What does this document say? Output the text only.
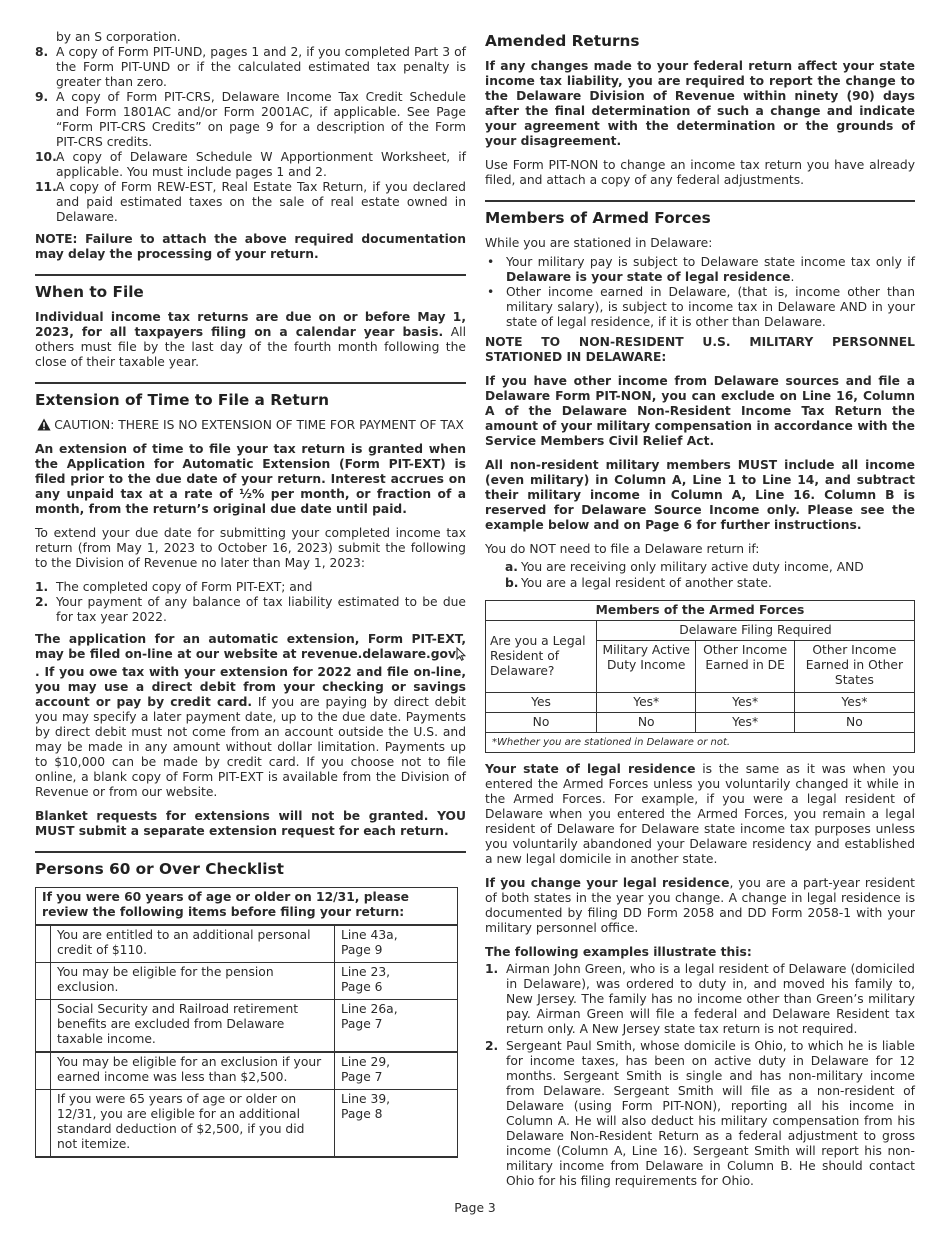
by an S corporation.

8. A copy of Form PIT-UND, pages 1 and 2, if you completed Part 3 of the Form PIT-UND or if the calculated estimated tax penalty is greater than zero.
9. A copy of Form PIT-CRS, Delaware Income Tax Credit Schedule and Form 1801AC and/or Form 2001AC, if applicable. See Page “Form PIT-CRS Credits” on page 9 for a description of the Form PIT-CRS credits.
10. A copy of Delaware Schedule W Apportionment Worksheet, if applicable. You must include pages 1 and 2.
11. A copy of Form REW-EST, Real Estate Tax Return, if you declared and paid estimated taxes on the sale of real estate owned in Delaware.

NOTE: Failure to attach the above required documentation may delay the processing of your return.

When to File

Individual income tax returns are due on or before May 1, 2023, for all taxpayers filing on a calendar year basis. All others must file by the last day of the fourth month following the close of their taxable year.

Extension of Time to File a Return
CAUTION: THERE IS NO EXTENSION OF TIME FOR PAYMENT OF TAX

An extension of time to file your tax return is granted when the Application for Automatic Extension (Form PIT-EXT) is filed prior to the due date of your return. Interest accrues on any unpaid tax at a rate of ½% per month, or fraction of a month, from the return’s original due date until paid.

To extend your due date for submitting your completed income tax return (from May 1, 2023 to October 16, 2023) submit the following to the Division of Revenue no later than May 1, 2023:

1. The completed copy of Form PIT-EXT; and
2. Your payment of any balance of tax liability estimated to be due for tax year 2022.

The application for an automatic extension, Form PIT-EXT, may be filed on-line at our website at revenue.delaware.gov. If you owe tax with your extension for 2022 and file on-line, you may use a direct debit from your checking or savings account or pay by credit card. If you are paying by direct debit you may specify a later payment date, up to the due date. Payments by direct debit must not come from an account outside the U.S. and may be made in any amount without dollar limitation. Payments up to $10,000 can be made by credit card. If you choose not to file online, a blank copy of Form PIT-EXT is available from the Division of Revenue or from our website.

Blanket requests for extensions will not be granted. YOU MUST submit a separate extension request for each return.

Persons 60 or Over Checklist
If you were 60 years of age or older on 12/31, please review the following items before filing your return:		
	You are entitled to an additional personal credit of $110.	Line 43a,
Page 9
	You may be eligible for the pension exclusion.	Line 23,
Page 6
	Social Security and Railroad retirement benefits are excluded from Delaware taxable income.	Line 26a,
Page 7
	You may be eligible for an exclusion if your earned income was less than $2,500.	Line 29,
Page 7
	If you were 65 years of age or older on 12/31, you are eligible for an additional standard deduction of $2,500, if you did not itemize.	Line 39,
Page 8
Amended Returns

If any changes made to your federal return affect your state income tax liability, you are required to report the change to the Delaware Division of Revenue within ninety (90) days after the final determination of such a change and indicate your agreement with the determination or the grounds of your disagreement.

Use Form PIT-NON to change an income tax return you have already filed, and attach a copy of any federal adjustments.

Members of Armed Forces

While you are stationed in Delaware:

• Your military pay is subject to Delaware state income tax only if Delaware is your state of legal residence.
• Other income earned in Delaware, (that is, income other than military salary), is subject to income tax in Delaware AND in your state of legal residence, if it is other than Delaware.

NOTE TO NON-RESIDENT U.S. MILITARY PERSONNEL STATIONED IN DELAWARE:

If you have other income from Delaware sources and file a Delaware Form PIT-NON, you can exclude on Line 16, Column A of the Delaware Non-Resident Income Tax Return the amount of your military compensation in accordance with the Service Members Civil Relief Act.

All non-resident military members MUST include all income (even military) in Column A, Line 1 to Line 14, and subtract their military income in Column A, Line 16. Column B is reserved for Delaware Source Income only. Please see the example below and on Page 6 for further instructions.

You do NOT need to file a Delaware return if:

a. You are receiving only military active duty income, AND
b. You are a legal resident of another state.
Members of the Armed Forces			
Are you a Legal Resident of Delaware?	Delaware Filing Required		
	Military Active Duty Income	Other Income Earned in DE	Other Income Earned in Other States
Yes	Yes*	Yes*	Yes*
No	No	Yes*	No
*Whether you are stationed in Delaware or not.			

Your state of legal residence is the same as it was when you entered the Armed Forces unless you voluntarily changed it while in the Armed Forces. For example, if you were a legal resident of Delaware when you entered the Armed Forces, you remain a legal resident of Delaware for Delaware state income tax purposes unless you voluntarily abandoned your Delaware residency and established a new legal domicile in another state.

If you change your legal residence, you are a part-year resident of both states in the year you change. A change in legal residence is documented by filing DD Form 2058 and DD Form 2058-1 with your military personnel office.

The following examples illustrate this:

1. Airman John Green, who is a legal resident of Delaware (domiciled in Delaware), was ordered to duty in, and moved his family to, New Jersey. The family has no income other than Green’s military pay. Airman Green will file a federal and Delaware Resident tax return only. A New Jersey state tax return is not required.
2. Sergeant Paul Smith, whose domicile is Ohio, to which he is liable for income taxes, has been on active duty in Delaware for 12 months. Sergeant Smith is single and has non-military income from Delaware. Sergeant Smith will file as a non-resident of Delaware (using Form PIT-NON), reporting all his income in Column A. He will also deduct his military compensation from his Delaware Non-Resident Return as a federal adjustment to gross income (Column A, Line 16). Sergeant Smith will report his non-military income from Delaware in Column B. He should contact Ohio for his filing requirements for Ohio.
Page 3
